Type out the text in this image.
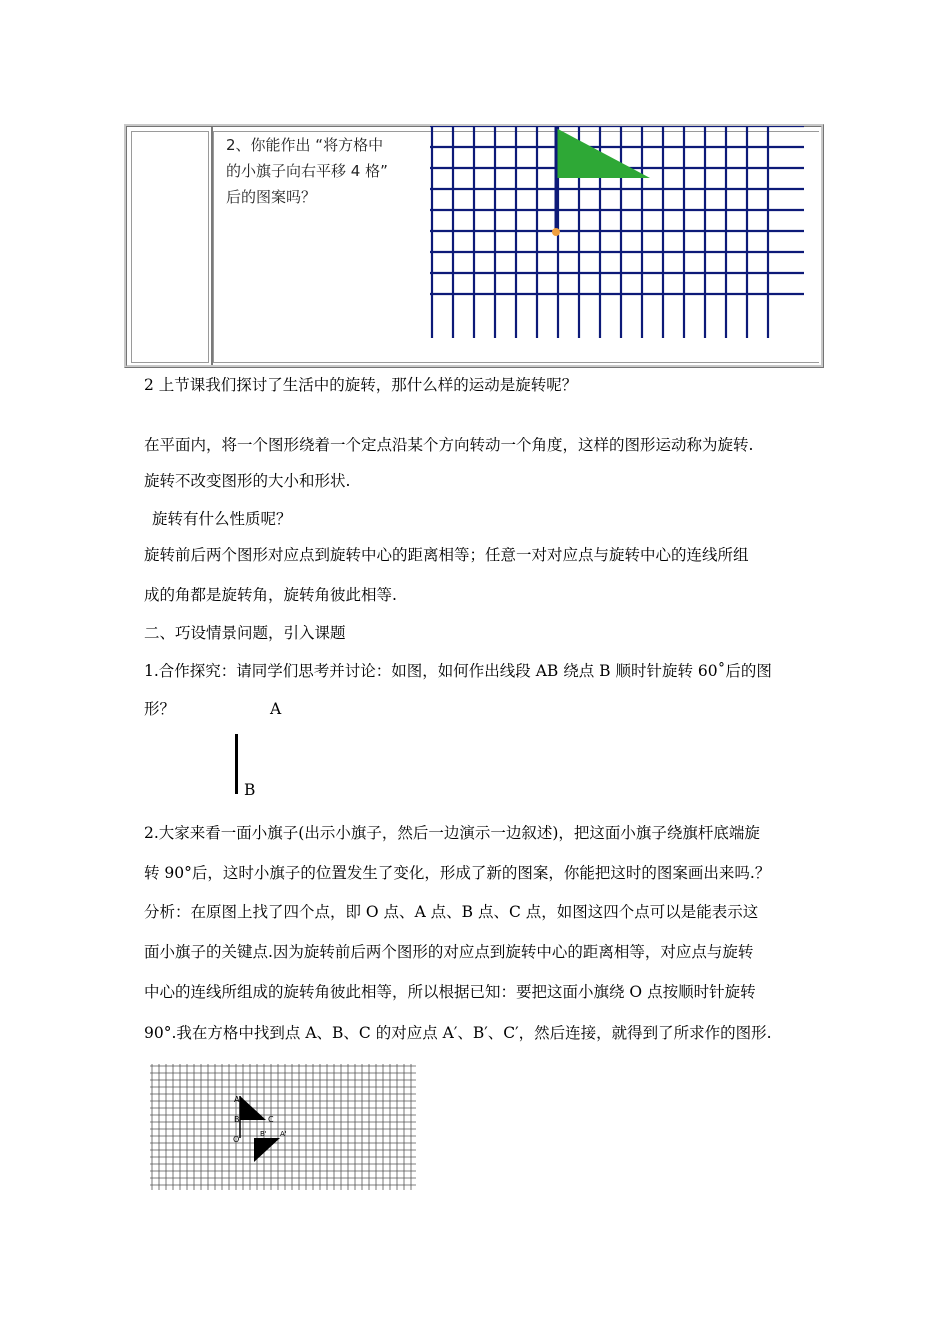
2、你能作出 “将方格中
的小旗子向右平移 4 格”
后的图案吗？
2 上节课我们探讨了生活中的旋转，那什么样的运动是旋转呢？
在平面内，将一个图形绕着一个定点沿某个方向转动一个角度，这样的图形运动称为旋转.
旋转不改变图形的大小和形状.
旋转有什么性质呢？
旋转前后两个图形对应点到旋转中心的距离相等；任意一对对应点与旋转中心的连线所组
成的角都是旋转角，旋转角彼此相等.
二、巧设情景问题，引入课题
1.合作探究：请同学们思考并讨论：如图，如何作出线段 AB 绕点 B 顺时针旋转 60˚后的图
形？	A
B
2.大家来看一面小旗子(出示小旗子，然后一边演示一边叙述)，把这面小旗子绕旗杆底端旋
转 90°后，这时小旗子的位置发生了变化，形成了新的图案，你能把这时的图案画出来吗.？
分析：在原图上找了四个点，即 O 点、A 点、B 点、C 点，如图这四个点可以是能表示这
面小旗子的关键点.因为旋转前后两个图形的对应点到旋转中心的距离相等，对应点与旋转
中心的连线所组成的旋转角彼此相等，所以根据已知：要把这面小旗绕 O 点按顺时针旋转
90°.我在方格中找到点 A、B、C 的对应点 A′、B′、C′，然后连接，就得到了所求作的图形.
A
B	C
O
B' A'
